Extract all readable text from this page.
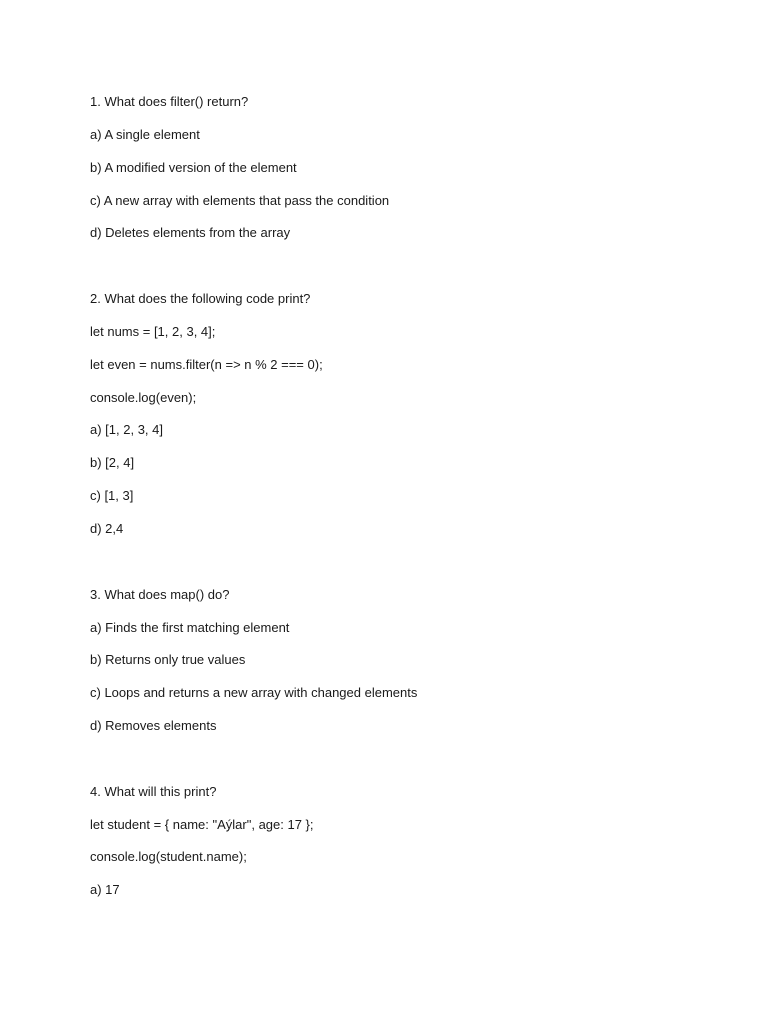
1. What does filter() return?
a) A single element
b) A modified version of the element
c) A new array with elements that pass the condition
d) Deletes elements from the array
2. What does the following code print?
let nums = [1, 2, 3, 4];
let even = nums.filter(n => n % 2 === 0);
console.log(even);
a) [1, 2, 3, 4]
b) [2, 4]
c) [1, 3]
d) 2,4
3. What does map() do?
a) Finds the first matching element
b) Returns only true values
c) Loops and returns a new array with changed elements
d) Removes elements
4. What will this print?
let student = { name: "Aýlar", age: 17 };
console.log(student.name);
a) 17
